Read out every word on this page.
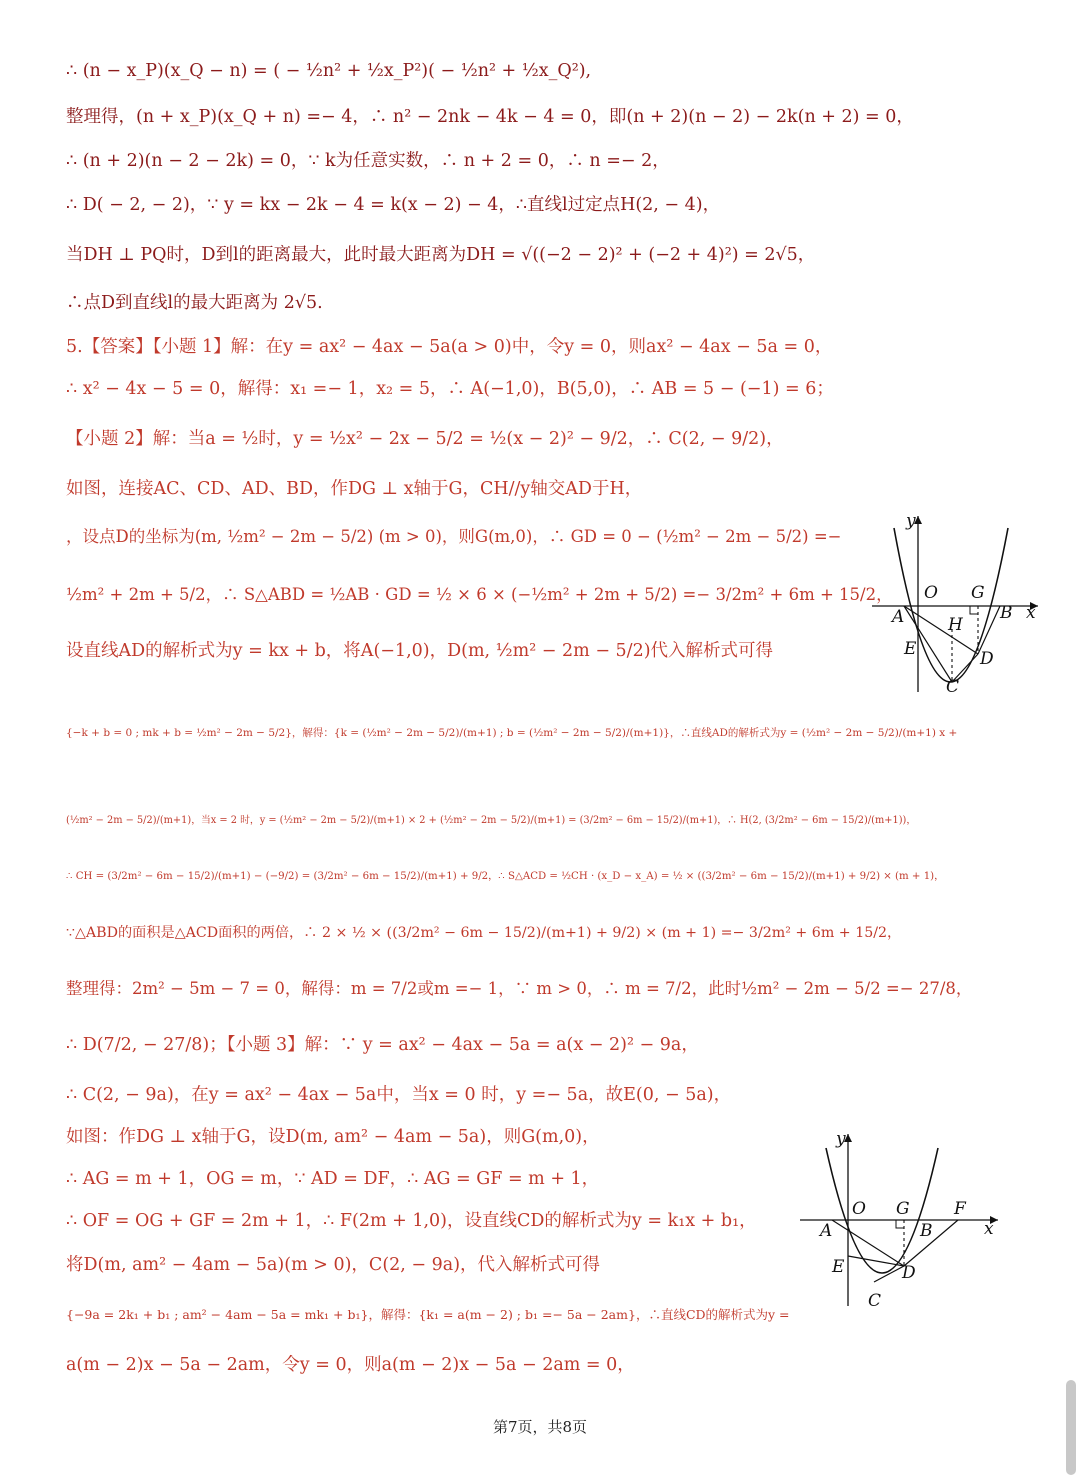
∴ (n − x_P)(x_Q − n) = ( − ½n² + ½x_P²)( − ½n² + ½x_Q²),
整理得，(n + x_P)(x_Q + n) =− 4，∴ n² − 2nk − 4k − 4 = 0，即(n + 2)(n − 2) − 2k(n + 2) = 0，
∴ (n + 2)(n − 2 − 2k) = 0，∵ k为任意实数，∴ n + 2 = 0，∴ n =− 2，
∴ D( − 2, − 2)，∵ y = kx − 2k − 4 = k(x − 2) − 4，∴直线l过定点H(2, − 4)，
当DH ⊥ PQ时，D到l的距离最大，此时最大距离为DH = √((−2 − 2)² + (−2 + 4)²) = 2√5，
∴点D到直线l的最大距离为 2√5.
5.【答案】【小题 1】解：在y = ax² − 4ax − 5a(a > 0)中，令y = 0，则ax² − 4ax − 5a = 0，
∴ x² − 4x − 5 = 0，解得：x₁ =− 1，x₂ = 5，∴ A(−1,0)，B(5,0)，∴ AB = 5 − (−1) = 6；
【小题 2】解：当a = ½时，y = ½x² − 2x − 5/2 = ½(x − 2)² − 9/2，∴ C(2, − 9/2)，
如图，连接AC、CD、AD、BD，作DG ⊥ x轴于G，CH//y轴交AD于H，
，设点D的坐标为(m, ½m² − 2m − 5/2) (m > 0)，则G(m,0)，∴ GD = 0 − (½m² − 2m − 5/2) =−
½m² + 2m + 5/2，∴ S△ABD = ½AB · GD = ½ × 6 × (−½m² + 2m + 5/2) =− 3/2m² + 6m + 15/2，
设直线AD的解析式为y = kx + b，将A(−1,0)，D(m, ½m² − 2m − 5/2)代入解析式可得
{−k + b = 0 ; mk + b = ½m² − 2m − 5/2}，解得：{k = (½m² − 2m − 5/2)/(m+1) ; b = (½m² − 2m − 5/2)/(m+1)}，∴直线AD的解析式为y = (½m² − 2m − 5/2)/(m+1) x +
(½m² − 2m − 5/2)/(m+1)，当x = 2 时，y = (½m² − 2m − 5/2)/(m+1) × 2 + (½m² − 2m − 5/2)/(m+1) = (3/2m² − 6m − 15/2)/(m+1)，∴ H(2, (3/2m² − 6m − 15/2)/(m+1))，
∴ CH = (3/2m² − 6m − 15/2)/(m+1) − (−9/2) = (3/2m² − 6m − 15/2)/(m+1) + 9/2，∴ S△ACD = ½CH · (x_D − x_A) = ½ × ((3/2m² − 6m − 15/2)/(m+1) + 9/2) × (m + 1)，
∵△ABD的面积是△ACD面积的两倍，∴ 2 × ½ × ((3/2m² − 6m − 15/2)/(m+1) + 9/2) × (m + 1) =− 3/2m² + 6m + 15/2，
整理得：2m² − 5m − 7 = 0，解得：m = 7/2或m =− 1，∵ m > 0，∴ m = 7/2，此时½m² − 2m − 5/2 =− 27/8，
∴ D(7/2, − 27/8)；【小题 3】解：∵ y = ax² − 4ax − 5a = a(x − 2)² − 9a，
∴ C(2, − 9a)，在y = ax² − 4ax − 5a中，当x = 0 时，y =− 5a，故E(0, − 5a)，
如图：作DG ⊥ x轴于G，设D(m, am² − 4am − 5a)，则G(m,0)，
∴ AG = m + 1，OG = m，∵ AD = DF，∴ AG = GF = m + 1，
∴ OF = OG + GF = 2m + 1，∴ F(2m + 1,0)，设直线CD的解析式为y = k₁x + b₁，
将D(m, am² − 4am − 5a)(m > 0)，C(2, − 9a)，代入解析式可得
{−9a = 2k₁ + b₁ ; am² − 4am − 5a = mk₁ + b₁}，解得：{k₁ = a(m − 2) ; b₁ =− 5a − 2am}，∴直线CD的解析式为y =
a(m − 2)x − 5a − 2am，令y = 0，则a(m − 2)x − 5a − 2am = 0，
y
O G
A	B x
H
E	D
C
y
O G	F
A	B	x
E	D
C
第7页，共8页
